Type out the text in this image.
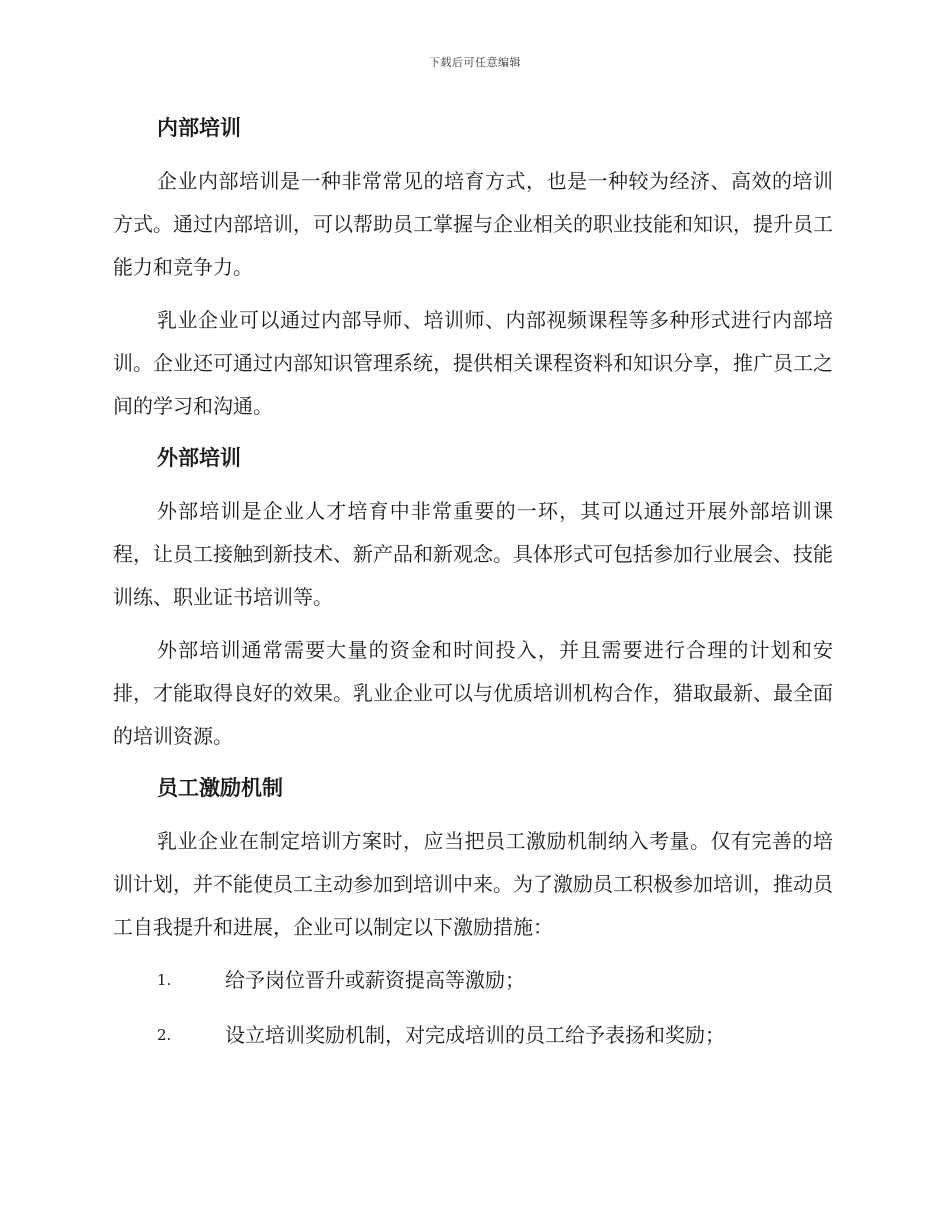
下载后可任意编辑
内部培训

企业内部培训是一种非常常见的培育方式，也是一种较为经济、高效的培训方式。通过内部培训，可以帮助员工掌握与企业相关的职业技能和知识，提升员工能力和竞争力。

乳业企业可以通过内部导师、培训师、内部视频课程等多种形式进行内部培训。企业还可通过内部知识管理系统，提供相关课程资料和知识分享，推广员工之间的学习和沟通。

外部培训

外部培训是企业人才培育中非常重要的一环，其可以通过开展外部培训课程，让员工接触到新技术、新产品和新观念。具体形式可包括参加行业展会、技能训练、职业证书培训等。

外部培训通常需要大量的资金和时间投入，并且需要进行合理的计划和安排，才能取得良好的效果。乳业企业可以与优质培训机构合作，猎取最新、最全面的培训资源。

员工激励机制

乳业企业在制定培训方案时，应当把员工激励机制纳入考量。仅有完善的培训计划，并不能使员工主动参加到培训中来。为了激励员工积极参加培训，推动员工自我提升和进展，企业可以制定以下激励措施：

1.	给予岗位晋升或薪资提高等激励；
2.	设立培训奖励机制，对完成培训的员工给予表扬和奖励；
